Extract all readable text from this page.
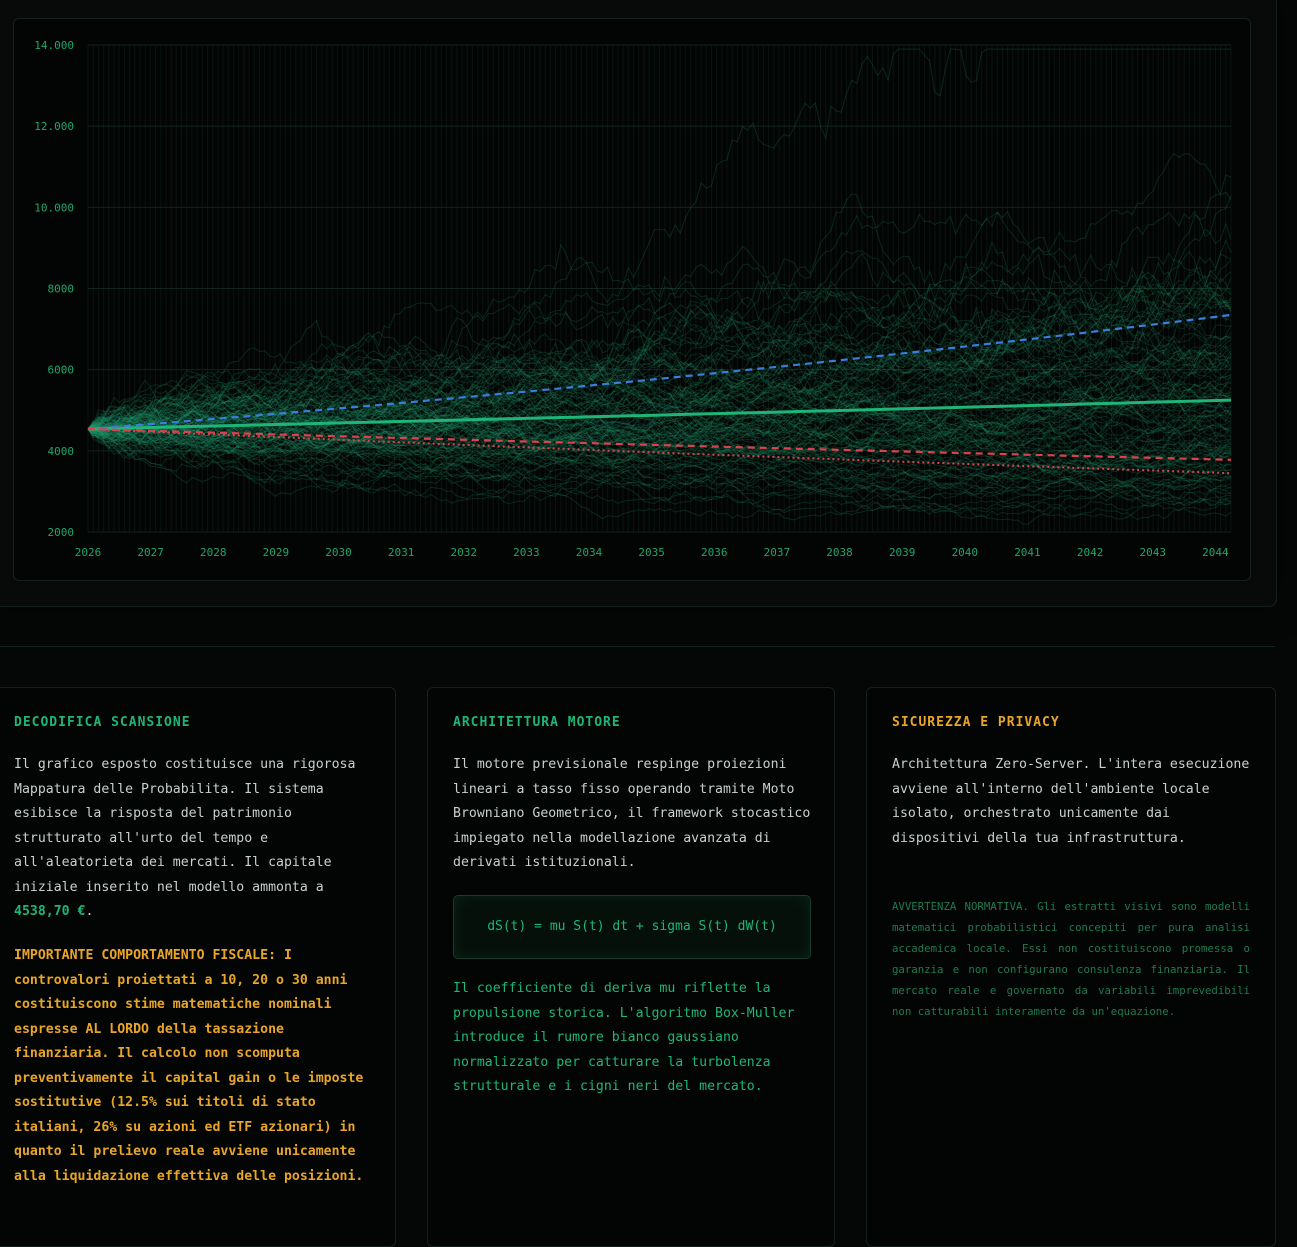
2000
4000
6000
8000
10.000
12.000
14.000
2026	2027	2028	2029	2030	2031	2032	2033	2034	2035	2036	2037	2038	2039	2040	2041	2042	2043	2044
DECODIFICA SCANSIONE
Il grafico esposto costituisce una rigorosa Mappatura delle Probabilita. Il sistema esibisce la risposta del patrimonio strutturato all'urto del tempo e all'aleatorieta dei mercati. Il capitale iniziale inserito nel modello ammonta a 4538,70 €.
IMPORTANTE COMPORTAMENTO FISCALE: I controvalori proiettati a 10, 20 o 30 anni costituiscono stime matematiche nominali espresse AL LORDO della tassazione finanziaria. Il calcolo non scomputa preventivamente il capital gain o le imposte sostitutive (12.5% sui titoli di stato italiani, 26% su azioni ed ETF azionari) in quanto il prelievo reale avviene unicamente alla liquidazione effettiva delle posizioni.
ARCHITETTURA MOTORE
Il motore previsionale respinge proiezioni lineari a tasso fisso operando tramite Moto Browniano Geometrico, il framework stocastico impiegato nella modellazione avanzata di derivati istituzionali.
dS(t) = mu S(t) dt + sigma S(t) dW(t)
Il coefficiente di deriva mu riflette la propulsione storica. L'algoritmo Box-Muller introduce il rumore bianco gaussiano normalizzato per catturare la turbolenza strutturale e i cigni neri del mercato.
SICUREZZA E PRIVACY
Architettura Zero-Server. L'intera esecuzione avviene all'interno dell'ambiente locale isolato, orchestrato unicamente dai dispositivi della tua infrastruttura.
AVVERTENZA NORMATIVA. Gli estratti visivi sono modelli matematici probabilistici concepiti per pura analisi accademica locale. Essi non costituiscono promessa o garanzia e non configurano consulenza finanziaria. Il mercato reale e governato da variabili imprevedibili non catturabili interamente da un'equazione.
